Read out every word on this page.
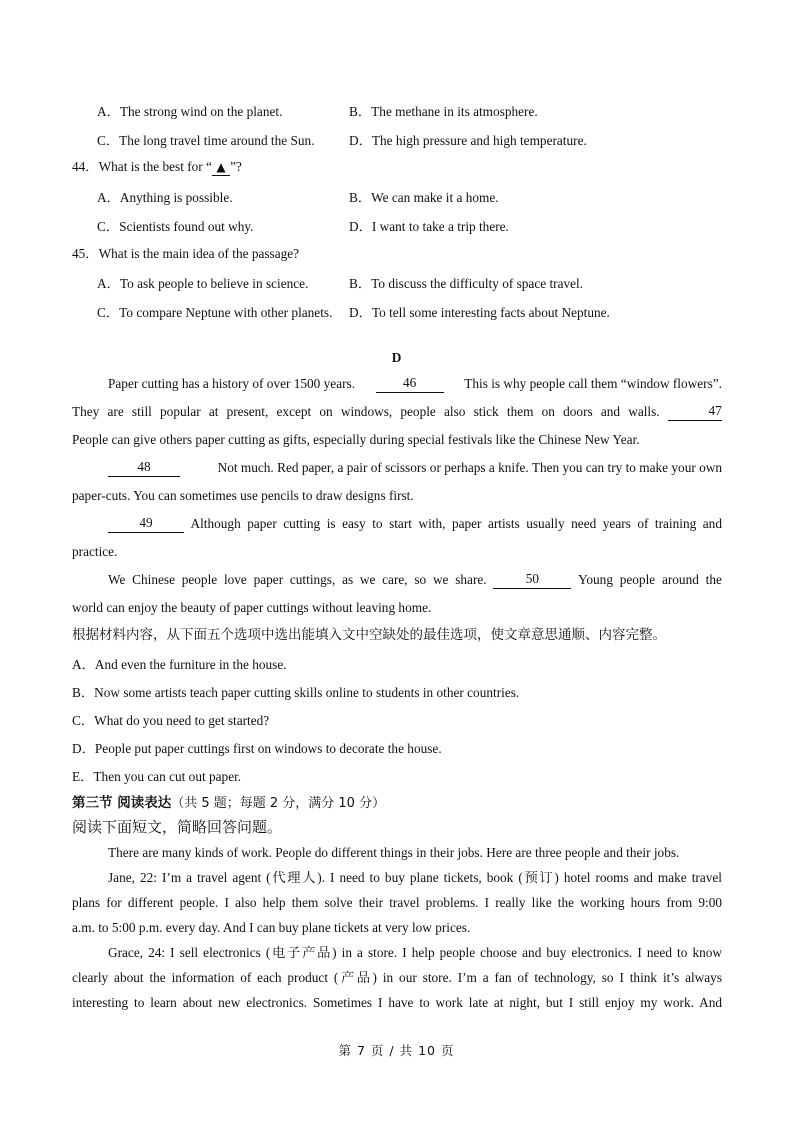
A．The strong wind on the planet.	B．The methane in its atmosphere.
C．The long travel time around the Sun.	D．The high pressure and high temperature.
44．What is the best for “ ▲ ”?
A．Anything is possible.	B．We can make it a home.
C．Scientists found out why.	D．I want to take a trip there.
45．What is the main idea of the passage?
A．To ask people to believe in science.	B．To discuss the difficulty of space travel.
C．To compare Neptune with other planets. D．To tell some interesting facts about Neptune.
D
Paper cutting has a history of over 1500 years.	46	This is why people call them “window flowers”.
They are still popular at present, except on windows, people also stick them on doors and walls.	47
People can give others paper cutting as gifts, especially during special festivals like the Chinese New Year.
48	Not much. Red paper, a pair of scissors or perhaps a knife. Then you can try to make your own
paper-cuts. You can sometimes use pencils to draw designs first.
49	Although paper cutting is easy to start with, paper artists usually need years of training and
practice.
We Chinese people love paper cuttings, as we care, so we share.	50	Young people around the
world can enjoy the beauty of paper cuttings without leaving home.
根据材料内容，从下面五个选项中选出能填入文中空缺处的最佳选项，使文章意思通顺、内容完整。
A．And even the furniture in the house.
B．Now some artists teach paper cutting skills online to students in other countries.
C．What do you need to get started?
D．People put paper cuttings first on windows to decorate the house.
E．Then you can cut out paper.
第三节 阅读表达（共 5 题；每题 2 分，满分 10 分）
阅读下面短文，简略回答问题。
There are many kinds of work. People do different things in their jobs. Here are three people and their jobs.
Jane, 22: I’m a travel agent (代理人). I need to buy plane tickets, book (预订) hotel rooms and make travel
plans for different people. I also help them solve their travel problems. I really like the working hours from 9:00
a.m. to 5:00 p.m. every day. And I can buy plane tickets at very low prices.
Grace, 24: I sell electronics (电子产品) in a store. I help people choose and buy electronics. I need to know
clearly about the information of each product (产品) in our store. I’m a fan of technology, so I think it’s always
interesting to learn about new electronics. Sometimes I have to work late at night, but I still enjoy my work. And
第 7 页 / 共 10 页
